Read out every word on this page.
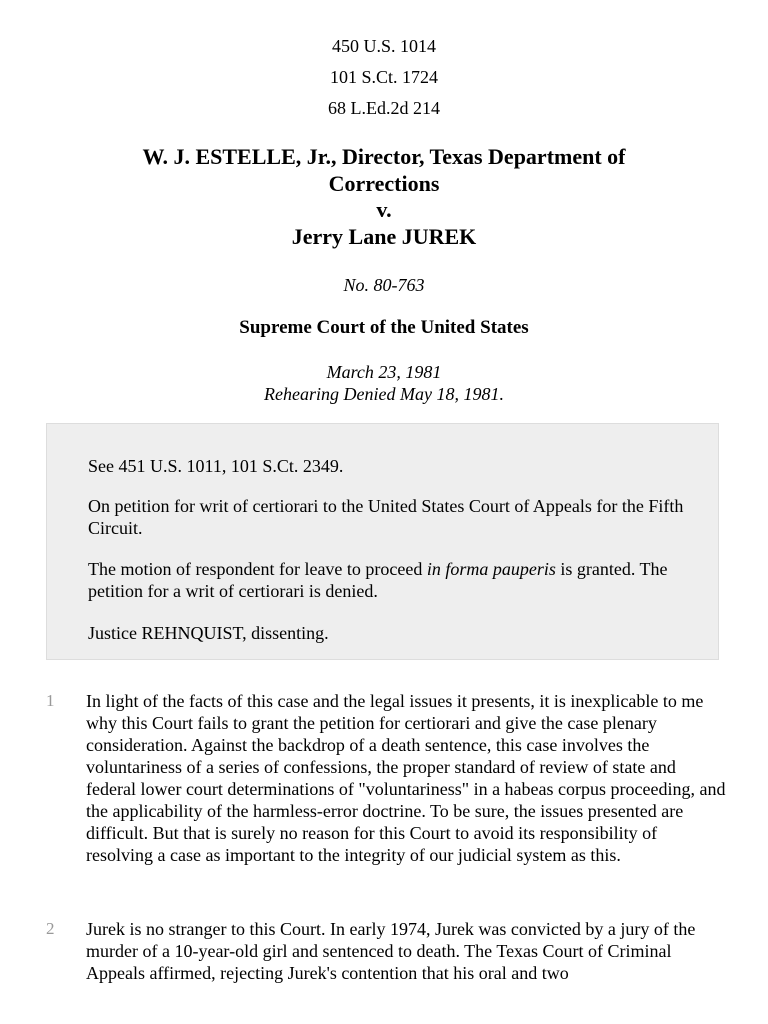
450 U.S. 1014
101 S.Ct. 1724
68 L.Ed.2d 214
W. J. ESTELLE, Jr., Director, Texas Department of
Corrections
v.
Jerry Lane JUREK
No. 80-763
Supreme Court of the United States
March 23, 1981
Rehearing Denied May 18, 1981.

See 451 U.S. 1011, 101 S.Ct. 2349.

On petition for writ of certiorari to the United States Court of Appeals for the Fifth Circuit.

The motion of respondent for leave to proceed in forma pauperis is granted. The petition for a writ of certiorari is denied.

Justice REHNQUIST, dissenting.

1 In light of the facts of this case and the legal issues it presents, it is inexplicable to me why this Court fails to grant the petition for certiorari and give the case plenary consideration. Against the backdrop of a death sentence, this case involves the voluntariness of a series of confessions, the proper standard of review of state and federal lower court determinations of "voluntariness" in a habeas corpus proceeding, and the applicability of the harmless-error doctrine. To be sure, the issues presented are difficult. But that is surely no reason for this Court to avoid its responsibility of resolving a case as important to the integrity of our judicial system as this.

2 Jurek is no stranger to this Court. In early 1974, Jurek was convicted by a jury of the murder of a 10-year-old girl and sentenced to death. The Texas Court of Criminal Appeals affirmed, rejecting Jurek's contention that his oral and two
